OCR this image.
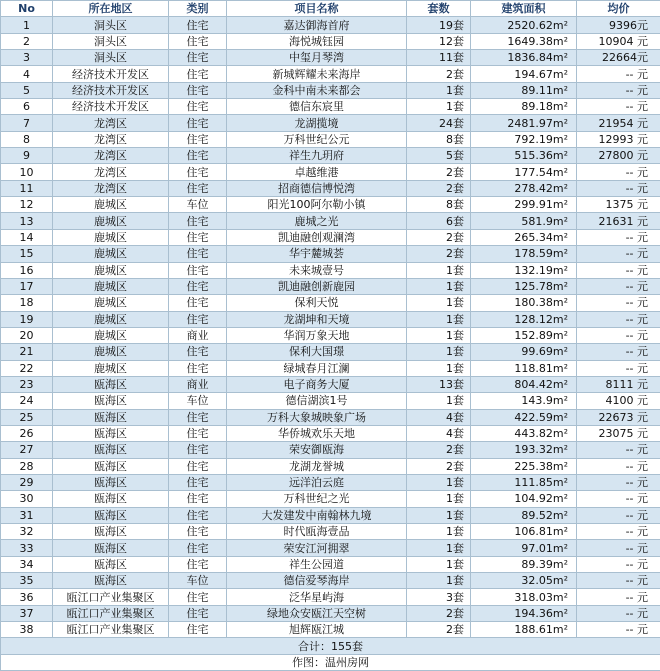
No	所在地区	类别	项目名称	套数	建筑面积	均价
1	洞头区	住宅	嘉达御海首府	19套	2520.62m²	9396元
2	洞头区	住宅	海悦城钰园	12套	1649.38m²	10904 元
3	洞头区	住宅	中玺月琴湾	11套	1836.84m²	22664元
4	经济技术开发区	住宅	新城辉耀未来海岸	2套	194.67m²	-- 元
5	经济技术开发区	住宅	金科中南未来都会	1套	89.11m²	-- 元
6	经济技术开发区	住宅	德信东宸里	1套	89.18m²	-- 元
7	龙湾区	住宅	龙湖揽境	24套	2481.97m²	21954 元
8	龙湾区	住宅	万科世纪公元	8套	792.19m²	12993 元
9	龙湾区	住宅	祥生九玥府	5套	515.36m²	27800 元
10	龙湾区	住宅	卓越维港	2套	177.54m²	-- 元
11	龙湾区	住宅	招商德信博悦湾	2套	278.42m²	-- 元
12	鹿城区	车位	阳光100阿尔勒小镇	8套	299.91m²	1375 元
13	鹿城区	住宅	鹿城之光	6套	581.9m²	21631 元
14	鹿城区	住宅	凯迪融创观澜湾	2套	265.34m²	-- 元
15	鹿城区	住宅	华宇麓城荟	2套	178.59m²	-- 元
16	鹿城区	住宅	未来城壹号	1套	132.19m²	-- 元
17	鹿城区	住宅	凯迪融创新鹿园	1套	125.78m²	-- 元
18	鹿城区	住宅	保利天悦	1套	180.38m²	-- 元
19	鹿城区	住宅	龙湖坤和天境	1套	128.12m²	-- 元
20	鹿城区	商业	华润万象天地	1套	152.89m²	-- 元
21	鹿城区	住宅	保利大国璟	1套	99.69m²	-- 元
22	鹿城区	住宅	绿城春月江澜	1套	118.81m²	-- 元
23	瓯海区	商业	电子商务大厦	13套	804.42m²	8111 元
24	瓯海区	车位	德信湖滨1号	1套	143.9m²	4100 元
25	瓯海区	住宅	万科大象城映象广场	4套	422.59m²	22673 元
26	瓯海区	住宅	华侨城欢乐天地	4套	443.82m²	23075 元
27	瓯海区	住宅	荣安御瓯海	2套	193.32m²	-- 元
28	瓯海区	住宅	龙湖龙誉城	2套	225.38m²	-- 元
29	瓯海区	住宅	远洋泊云庭	1套	111.85m²	-- 元
30	瓯海区	住宅	万科世纪之光	1套	104.92m²	-- 元
31	瓯海区	住宅	大发建发中南翰林九境	1套	89.52m²	-- 元
32	瓯海区	住宅	时代瓯海壹品	1套	106.81m²	-- 元
33	瓯海区	住宅	荣安江河拥翠	1套	97.01m²	-- 元
34	瓯海区	住宅	祥生公园道	1套	89.39m²	-- 元
35	瓯海区	车位	德信爱琴海岸	1套	32.05m²	-- 元
36	瓯江口产业集聚区	住宅	泛华星屿海	3套	318.03m²	-- 元
37	瓯江口产业集聚区	住宅	绿地众安瓯江天空树	2套	194.36m²	-- 元
38	瓯江口产业集聚区	住宅	旭辉瓯江城	2套	188.61m²	-- 元
合计：155套						
作图：温州房网						
